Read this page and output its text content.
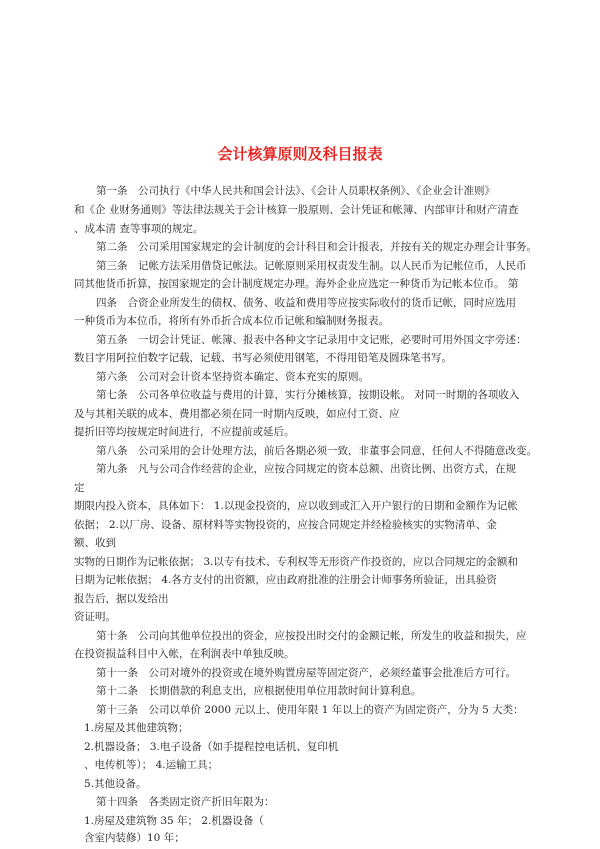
会计核算原则及科目报表
第一条　公司执行《中华人民共和国会计法》、《会计人员职权条例》、《企业会计准则》
和《企 业财务通则》等法律法规关于会计核算一股原则、会计凭证和帐簿、内部审计和财产清查
、成本清 查等事项的规定。
第二条　公司采用国家规定的会计制度的会计科目和会计报表，并按有关的规定办理会计事务。
第三条　记帐方法采用借贷记帐法。记帐原则采用权责发生制。以人民币为记帐位币，人民币
同其他货币折算，按国家规定的会计制度规定办理。海外企业应选定一种货币为记帐本位币。 第
四条　合资企业所发生的债权、债务、收益和费用等应按实际收付的货币记帐，同时应选用
一种货币为本位币，将所有外币折合成本位币记帐和编制财务报表。
第五条　一切会计凭证、帐簿、报表中各种文字记录用中文记账，必要时可用外国文字旁述：
数目字用阿拉伯数字记载，记载、书写必须使用钢笔，不得用铅笔及圆珠笔书写。
第六条　公司对会计资本坚持资本确定、资本充实的原则。
第七条　公司各单位收益与费用的计算，实行分摊核算，按期设帐。 对同一时期的各项收入
及与其相关联的成本、费用都必须在同一时期内反映，如应付工资、应
提折旧等均按规定时间进行，不应提前或延后。
第八条　公司采用的会计处理方法，前后各期必须一致，非董事会同意，任何人不得随意改变。
第九条　凡与公司合作经营的企业，应按合同规定的资本总额、出资比例、出资方式，在规
定
期限内投入资本，具体如下： 1.以现金投资的，应以收到或汇入开户银行的日期和金额作为记帐
依据； 2.以厂房、设备、原材料等实物投资的，应按合同规定并经检验核实的实物清单、金
额、收到
实物的日期作为记帐依据； 3.以专有技术、专利权等无形资产作投资的，应以合同规定的金额和
日期为记帐依据； 4.各方支付的出资额，应由政府批准的注册会计师事务所验证，出具验资
报告后，据以发给出
资证明。
第十条　公司向其他单位投出的资金，应按投出时交付的金额记帐，所发生的收益和损失，应
在投资损益科目中入帐，在利润表中单独反映。
第十一条　公司对境外的投资或在境外购置房屋等固定资产，必须经董事会批准后方可行。
第十二条　长期借款的利息支出，应根据使用单位用款时间计算利息。
第十三条　公司以单价 2000 元以上、使用年限 1 年以上的资产为固定资产，分为 5 大类：
1.房屋及其他建筑物；
2.机器设备； 3.电子设备（如手提程控电话机、复印机
、电传机等）； 4.运输工具；
5.其他设备。
第十四条　各类固定资产折旧年限为：
1.房屋及建筑物 35 年； 2.机器设备（
含室内装修）10 年；
